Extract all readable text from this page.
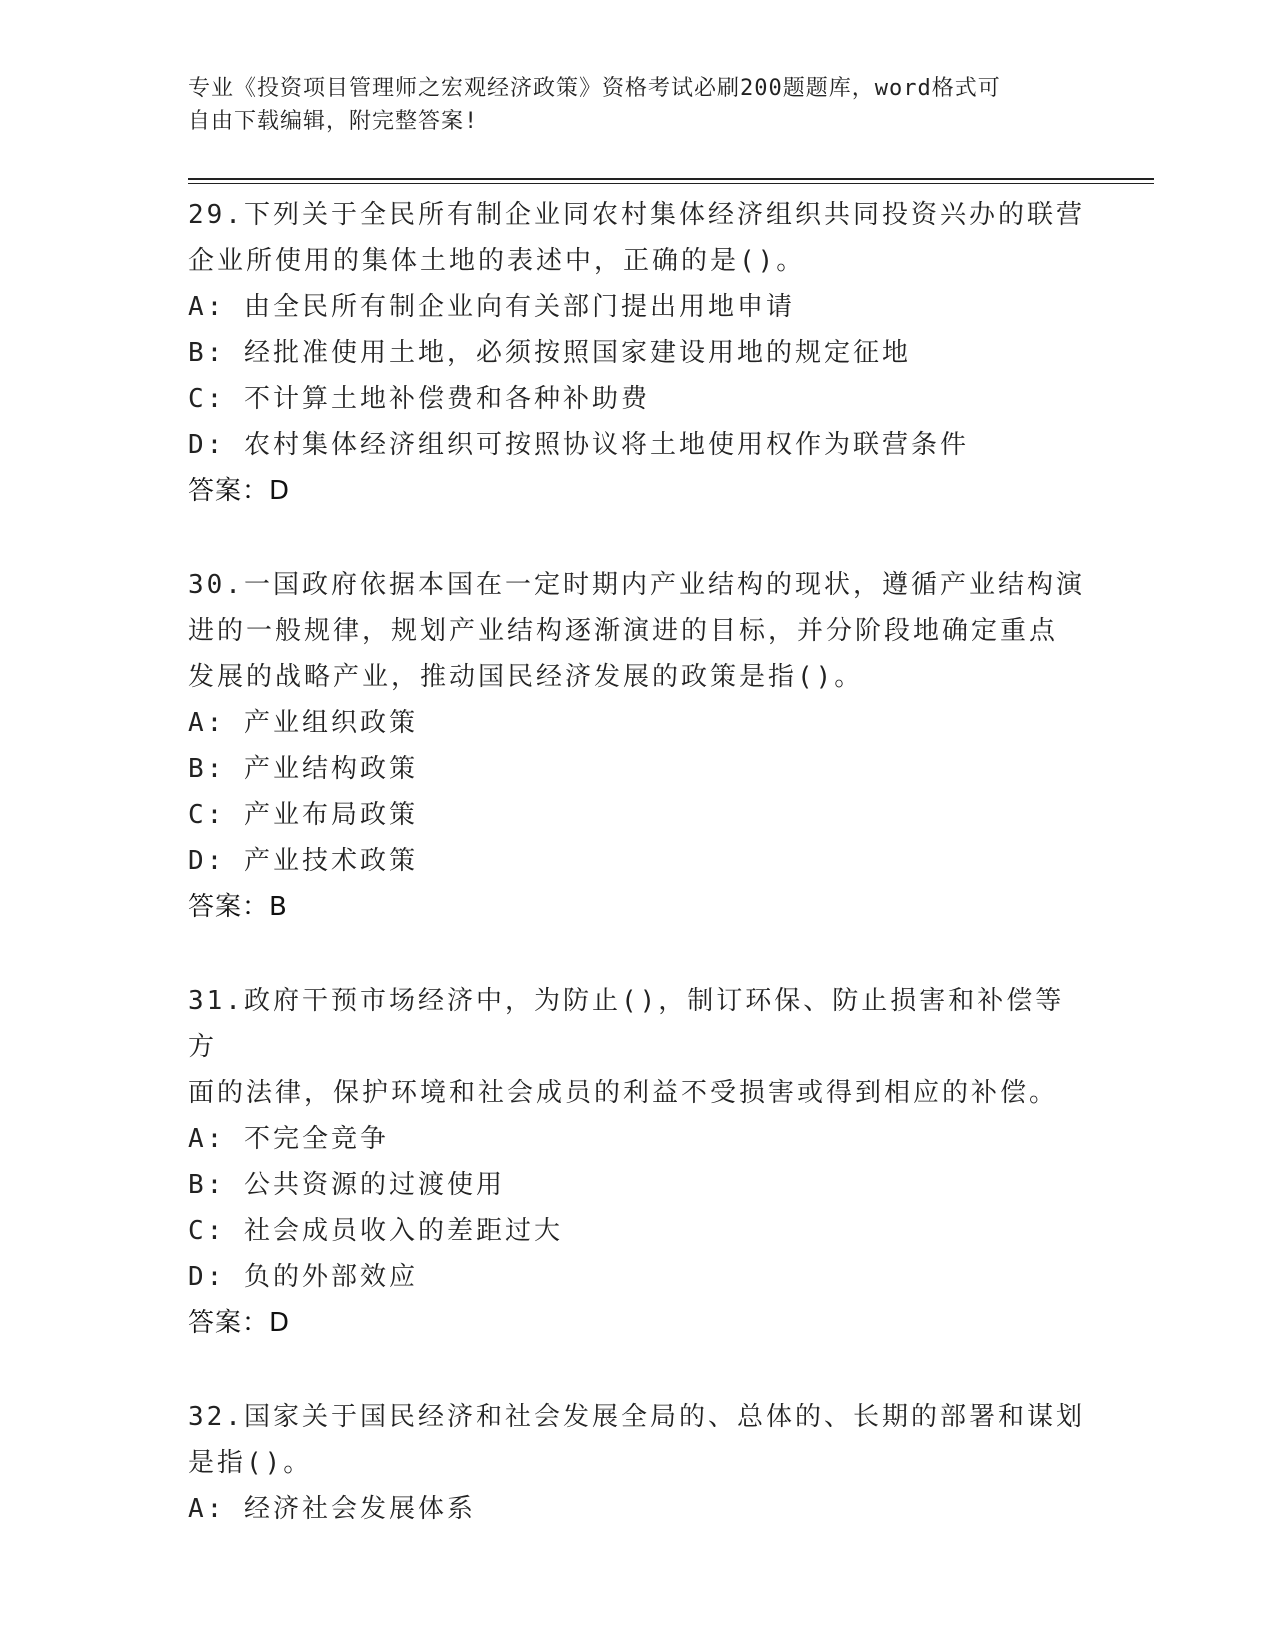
专业《投资项目管理师之宏观经济政策》资格考试必刷200题题库，word格式可
自由下载编辑，附完整答案!
29.下列关于全民所有制企业同农村集体经济组织共同投资兴办的联营
企业所使用的集体土地的表述中，正确的是()。
A: 由全民所有制企业向有关部门提出用地申请
B: 经批准使用土地，必须按照国家建设用地的规定征地
C: 不计算土地补偿费和各种补助费
D: 农村集体经济组织可按照协议将土地使用权作为联营条件
答案：D
30.一国政府依据本国在一定时期内产业结构的现状，遵循产业结构演
进的一般规律，规划产业结构逐渐演进的目标，并分阶段地确定重点
发展的战略产业，推动国民经济发展的政策是指()。
A: 产业组织政策
B: 产业结构政策
C: 产业布局政策
D: 产业技术政策
答案：B
31.政府干预市场经济中，为防止()，制订环保、防止损害和补偿等方
面的法律，保护环境和社会成员的利益不受损害或得到相应的补偿。
A: 不完全竞争
B: 公共资源的过渡使用
C: 社会成员收入的差距过大
D: 负的外部效应
答案：D
32.国家关于国民经济和社会发展全局的、总体的、长期的部署和谋划
是指()。
A: 经济社会发展体系
